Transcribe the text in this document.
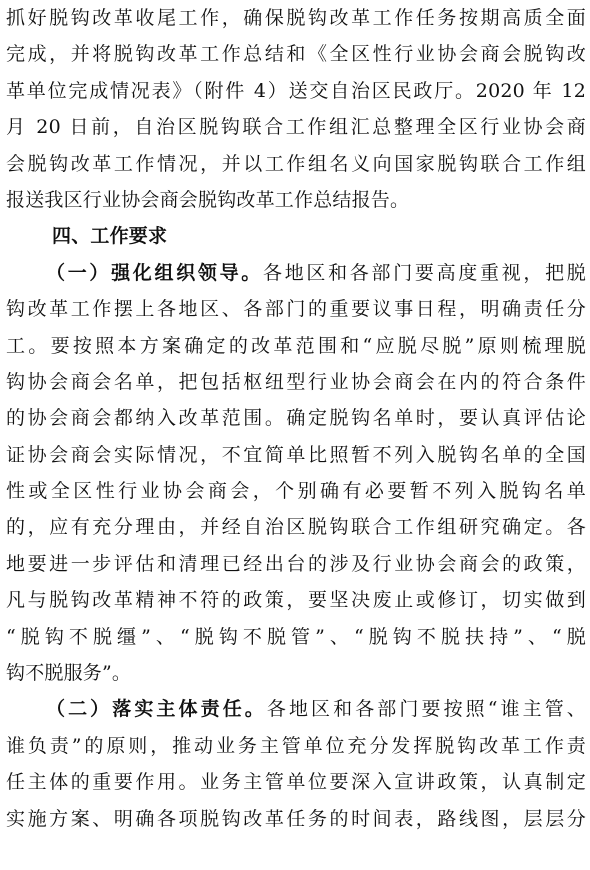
抓好脱钩改革收尾工作，确保脱钩改革工作任务按期高质全面
完成，并将脱钩改革工作总结和《全区性行业协会商会脱钩改
革单位完成情况表》（附件 4）送交自治区民政厅。2020 年 12
月 20 日前，自治区脱钩联合工作组汇总整理全区行业协会商
会脱钩改革工作情况，并以工作组名义向国家脱钩联合工作组
报送我区行业协会商会脱钩改革工作总结报告。
四、工作要求
（一）强化组织领导。各地区和各部门要高度重视，把脱
钩改革工作摆上各地区、各部门的重要议事日程，明确责任分
工。要按照本方案确定的改革范围和“应脱尽脱”原则梳理脱
钩协会商会名单，把包括枢纽型行业协会商会在内的符合条件
的协会商会都纳入改革范围。确定脱钩名单时，要认真评估论
证协会商会实际情况，不宜简单比照暂不列入脱钩名单的全国
性或全区性行业协会商会，个别确有必要暂不列入脱钩名单
的，应有充分理由，并经自治区脱钩联合工作组研究确定。各
地要进一步评估和清理已经出台的涉及行业协会商会的政策，
凡与脱钩改革精神不符的政策，要坚决废止或修订，切实做到
“脱钩不脱缰”、“脱钩不脱管”、“脱钩不脱扶持”、“脱
钩不脱服务”。
（二）落实主体责任。各地区和各部门要按照“谁主管、
谁负责”的原则，推动业务主管单位充分发挥脱钩改革工作责
任主体的重要作用。业务主管单位要深入宣讲政策，认真制定
实施方案、明确各项脱钩改革任务的时间表，路线图，层层分
